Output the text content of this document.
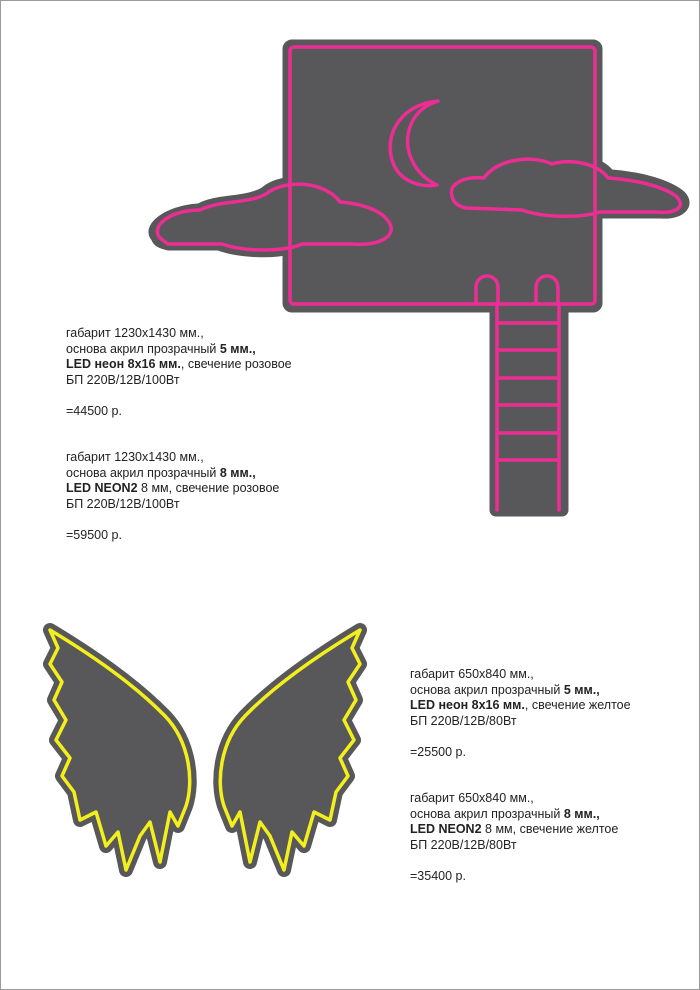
габарит 1230x1430 мм.,

основа акрил прозрачный 5 мм.,

LED неон 8х16 мм., свечение розовое

БП 220В/12В/100Вт

=44500 р.

габарит 1230x1430 мм.,

основа акрил прозрачный 8 мм.,

LED NEON2 8 мм, свечение розовое

БП 220В/12В/100Вт

=59500 р.

габарит 650x840 мм.,

основа акрил прозрачный 5 мм.,

LED неон 8х16 мм., свечение желтое

БП 220В/12В/80Вт

=25500 р.

габарит 650x840 мм.,

основа акрил прозрачный 8 мм.,

LED NEON2 8 мм, свечение желтое

БП 220В/12В/80Вт

=35400 р.
